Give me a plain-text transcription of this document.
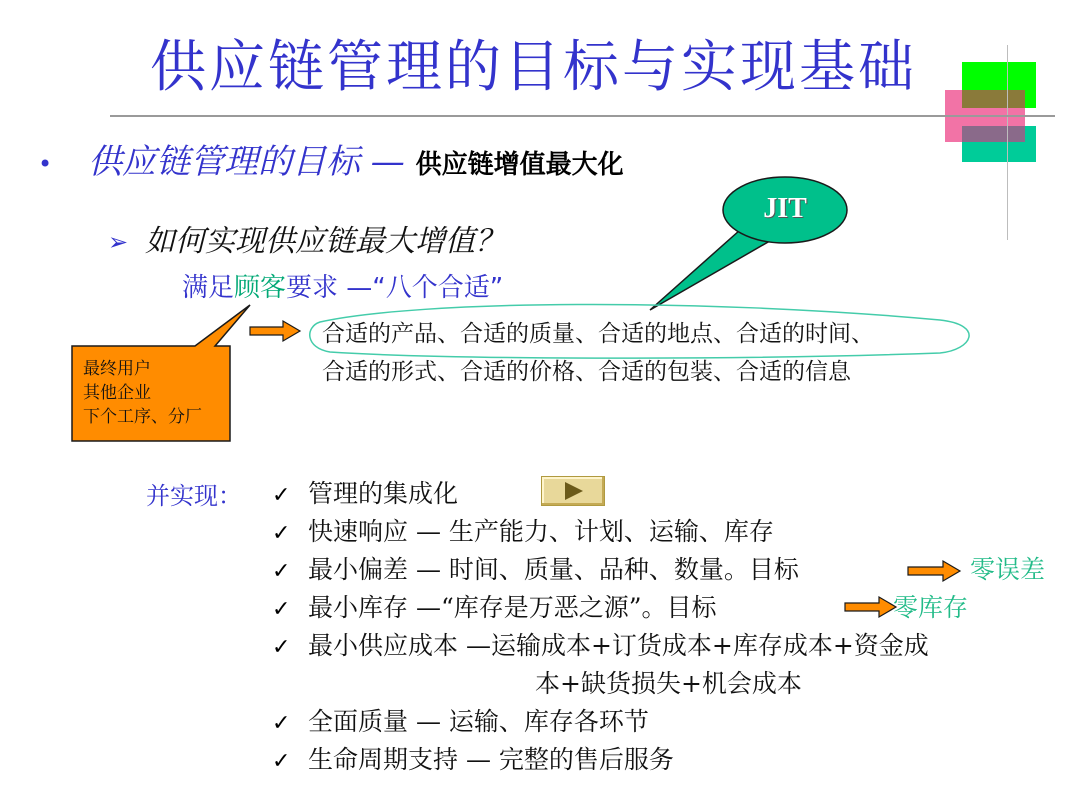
供应链管理的目标与实现基础
• 供应链管理的目标 — 供应链增值最大化
➢ 如何实现供应链最大增值？
满足顾客要求 —“八个合适”
JIT
合适的产品、合适的质量、合适的地点、合适的时间、
合适的形式、合适的价格、合适的包装、合适的信息
最终用户
其他企业
下个工序、分厂
并实现： ✓ 管理的集成化
✓ 快速响应 — 生产能力、计划、运输、库存
✓ 最小偏差 — 时间、质量、品种、数量。目标	零误差
✓ 最小库存 —“库存是万恶之源”。目标	零库存
✓ 最小供应成本 —运输成本+订货成本+库存成本+资金成
本+缺货损失+机会成本
✓ 全面质量 — 运输、库存各环节
✓ 生命周期支持 — 完整的售后服务
